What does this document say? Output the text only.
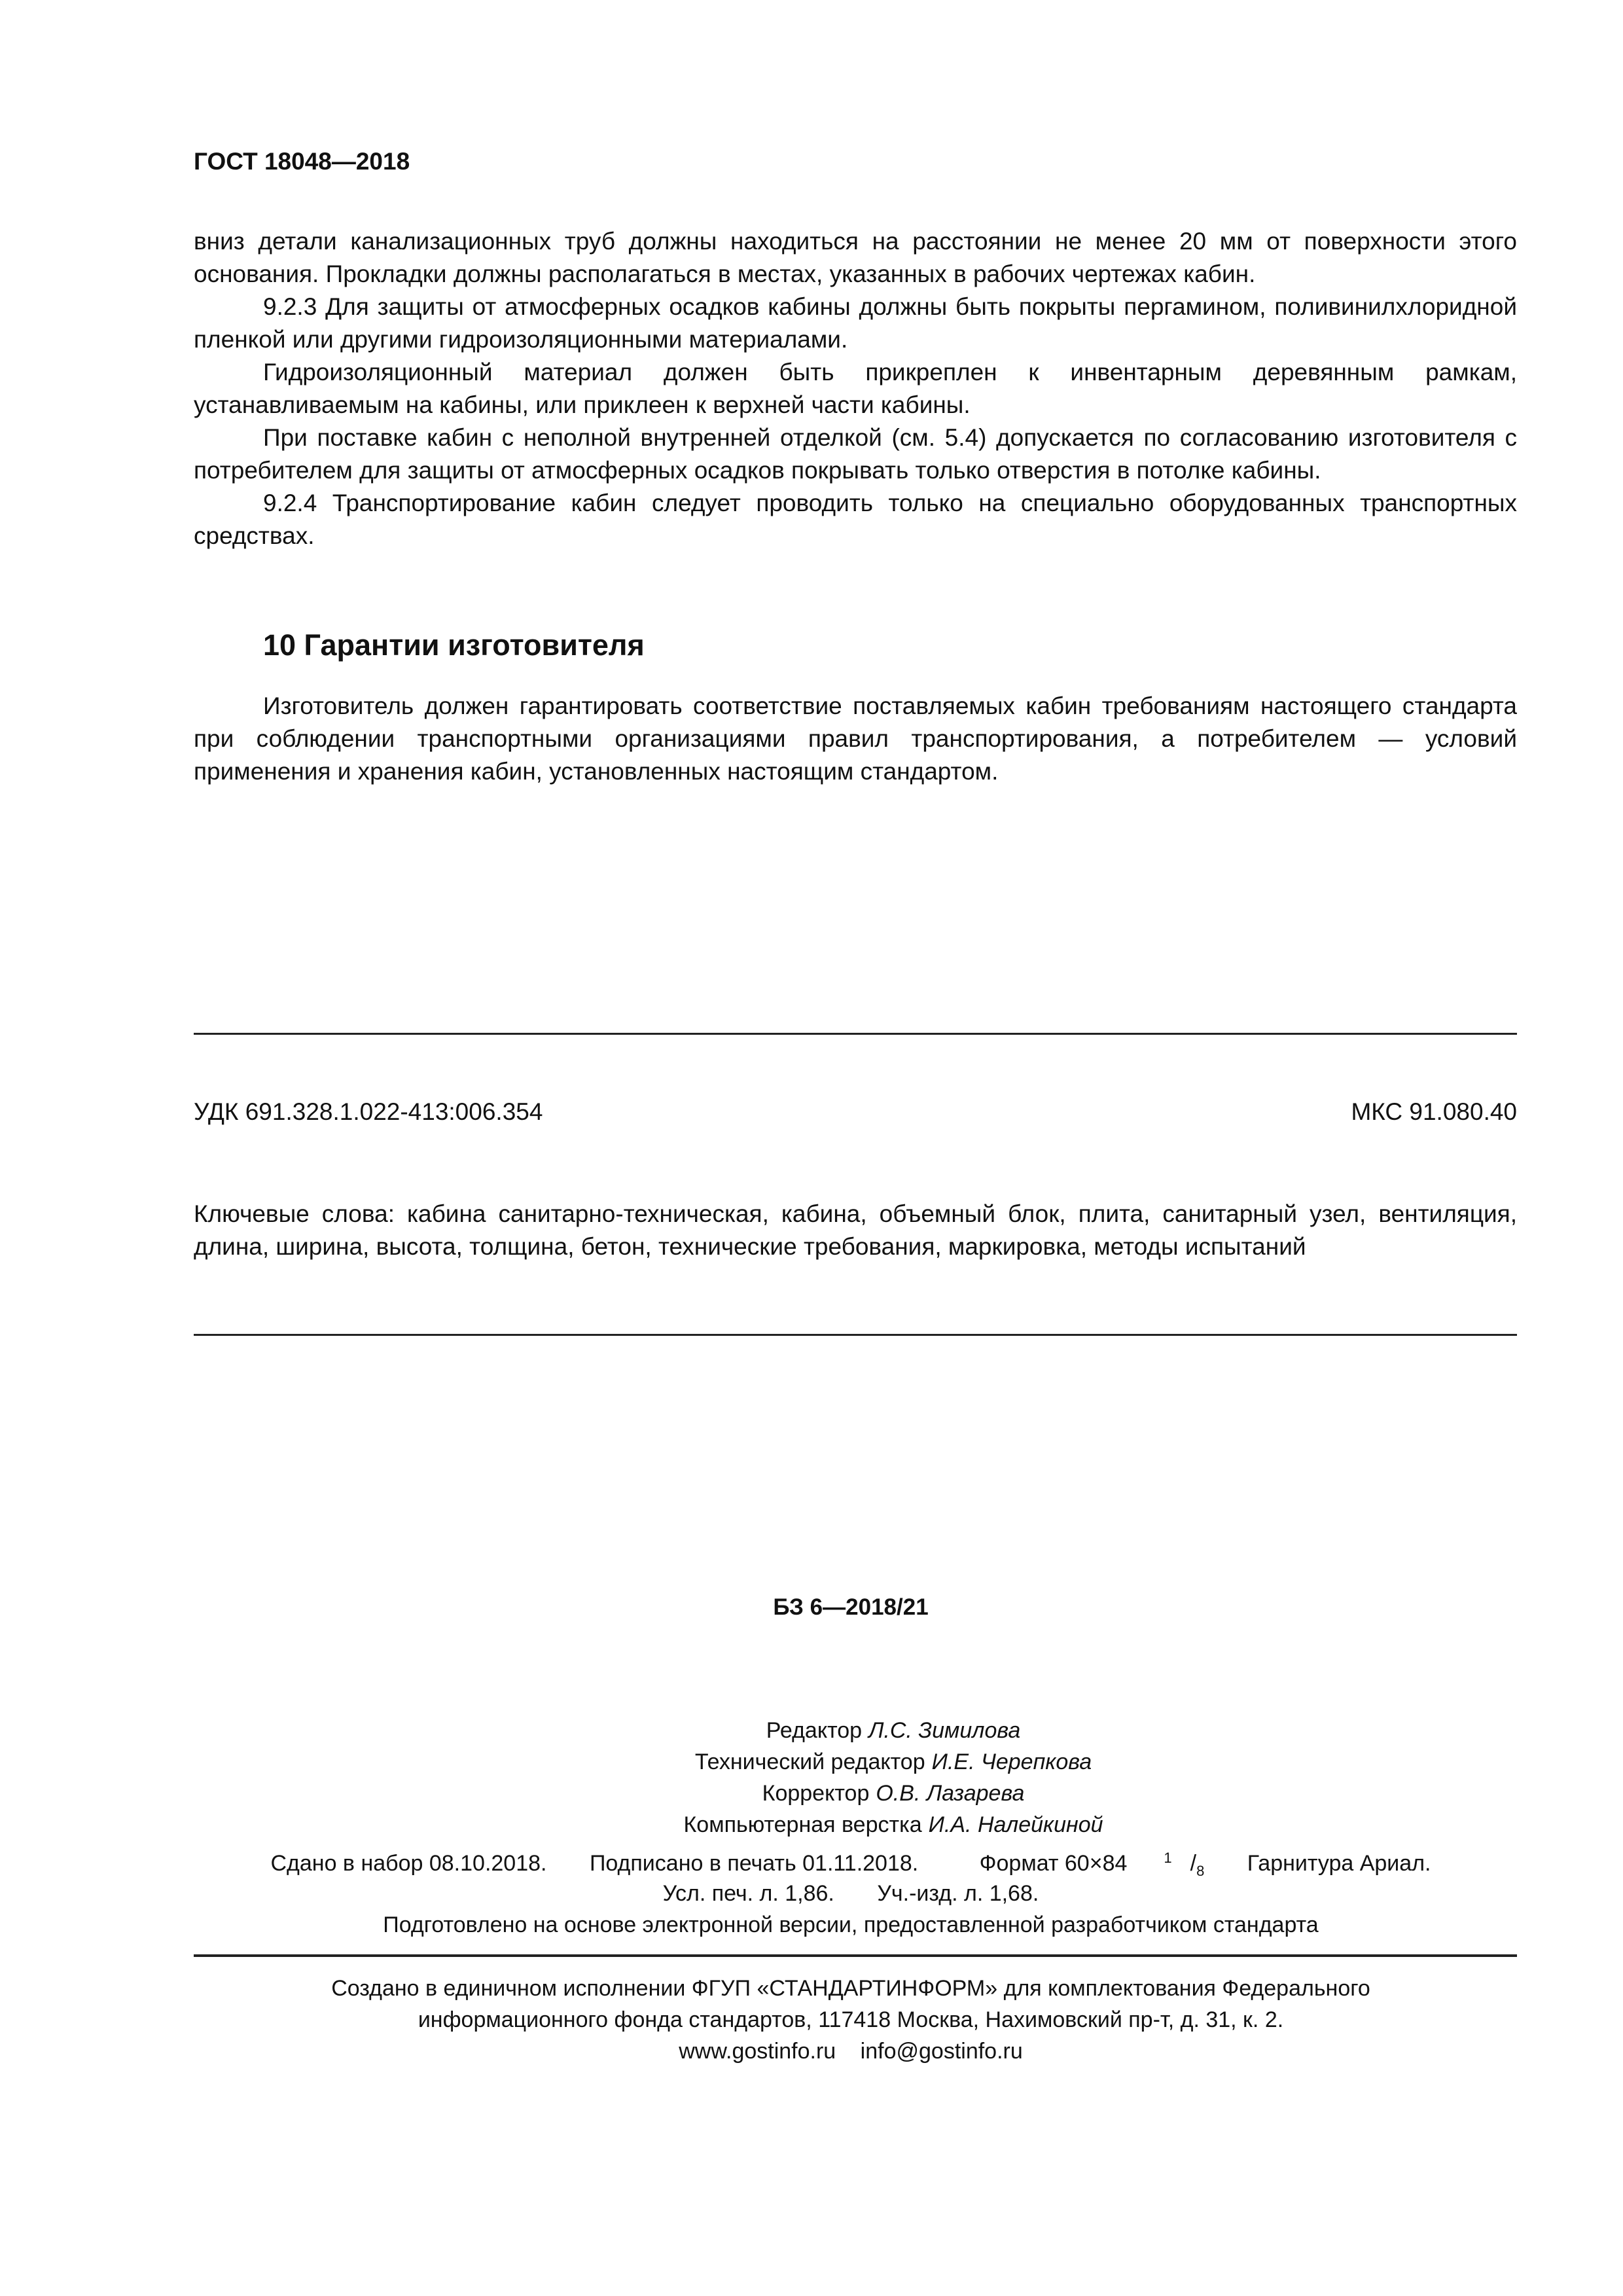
ГОСТ 18048—2018

вниз детали канализационных труб должны находиться на расстоянии не менее 20 мм от поверхности этого основания. Прокладки должны располагаться в местах, указанных в рабочих чертежах кабин.

9.2.3 Для защиты от атмосферных осадков кабины должны быть покрыты пергамином, поливинилхлоридной пленкой или другими гидроизоляционными материалами.

Гидроизоляционный материал должен быть прикреплен к инвентарным деревянным рамкам, устанавливаемым на кабины, или приклеен к верхней части кабины.

При поставке кабин с неполной внутренней отделкой (см. 5.4) допускается по согласованию изготовителя с потребителем для защиты от атмосферных осадков покрывать только отверстия в потолке кабины.

9.2.4 Транспортирование кабин следует проводить только на специально оборудованных транспортных средствах.

10 Гарантии изготовителя

Изготовитель должен гарантировать соответствие поставляемых кабин требованиям настоящего стандарта при соблюдении транспортными организациями правил транспортирования, а потребителем — условий применения и хранения кабин, установленных настоящим стандартом.

УДК 691.328.1.022-413:006.354	МКС 91.080.40

Ключевые слова: кабина санитарно-техническая, кабина, объемный блок, плита, санитарный узел, вентиляция, длина, ширина, высота, толщина, бетон, технические требования, маркировка, методы испытаний

БЗ 6—2018/21
Редактор Л.С. Зимилова
Технический редактор И.Е. Черепкова
Корректор О.В. Лазарева
Компьютерная верстка И.А. Налейкиной
Сдано в набор 08.10.2018. Подписано в печать 01.11.2018.	Формат 60×84	$^1$ $/_8$ Гарнитура Ариал.
Усл. печ. л. 1,86. Уч.-изд. л. 1,68.
Подготовлено на основе электронной версии, предоставленной разработчиком стандарта

Создано в единичном исполнении ФГУП «СТАНДАРТИНФОРМ» для комплектования Федерального

информационного фонда стандартов, 117418 Москва, Нахимовский пр-т, д. 31, к. 2.

www.gostinfo.ru info@gostinfo.ru
